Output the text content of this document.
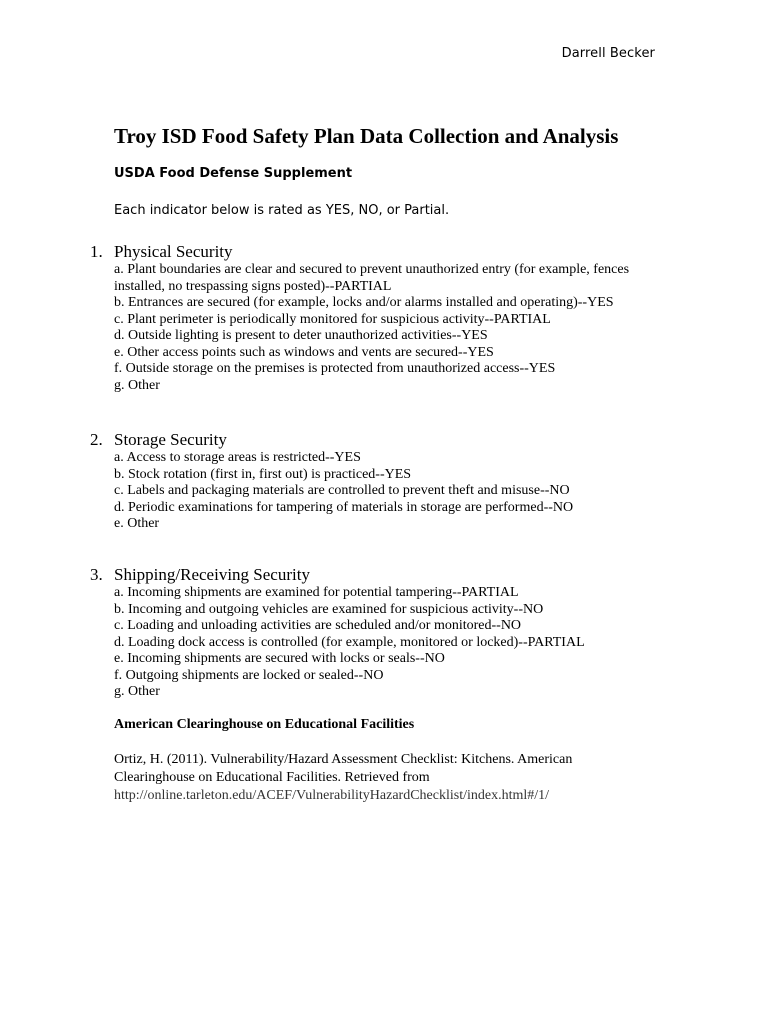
Darrell Becker
Troy ISD Food Safety Plan Data Collection and Analysis

USDA Food Defense Supplement

Each indicator below is rated as YES, NO, or Partial.

1. Physical Security
a. Plant boundaries are clear and secured to prevent unauthorized entry (for example, fences installed, no trespassing signs posted)--PARTIAL
b. Entrances are secured (for example, locks and/or alarms installed and operating)--YES
c. Plant perimeter is periodically monitored for suspicious activity--PARTIAL
d. Outside lighting is present to deter unauthorized activities--YES
e. Other access points such as windows and vents are secured--YES
f. Outside storage on the premises is protected from unauthorized access--YES
g. Other
2. Storage Security
a. Access to storage areas is restricted--YES
b. Stock rotation (first in, first out) is practiced--YES
c. Labels and packaging materials are controlled to prevent theft and misuse--NO
d. Periodic examinations for tampering of materials in storage are performed--NO
e. Other
3. Shipping/Receiving Security
a. Incoming shipments are examined for potential tampering--PARTIAL
b. Incoming and outgoing vehicles are examined for suspicious activity--NO
c. Loading and unloading activities are scheduled and/or monitored--NO
d. Loading dock access is controlled (for example, monitored or locked)--PARTIAL
e. Incoming shipments are secured with locks or seals--NO
f. Outgoing shipments are locked or sealed--NO
g. Other

American Clearinghouse on Educational Facilities

Ortiz, H. (2011). Vulnerability/Hazard Assessment Checklist: Kitchens. American Clearinghouse on Educational Facilities. Retrieved from http://online.tarleton.edu/ACEF/VulnerabilityHazardChecklist/index.html#/1/
